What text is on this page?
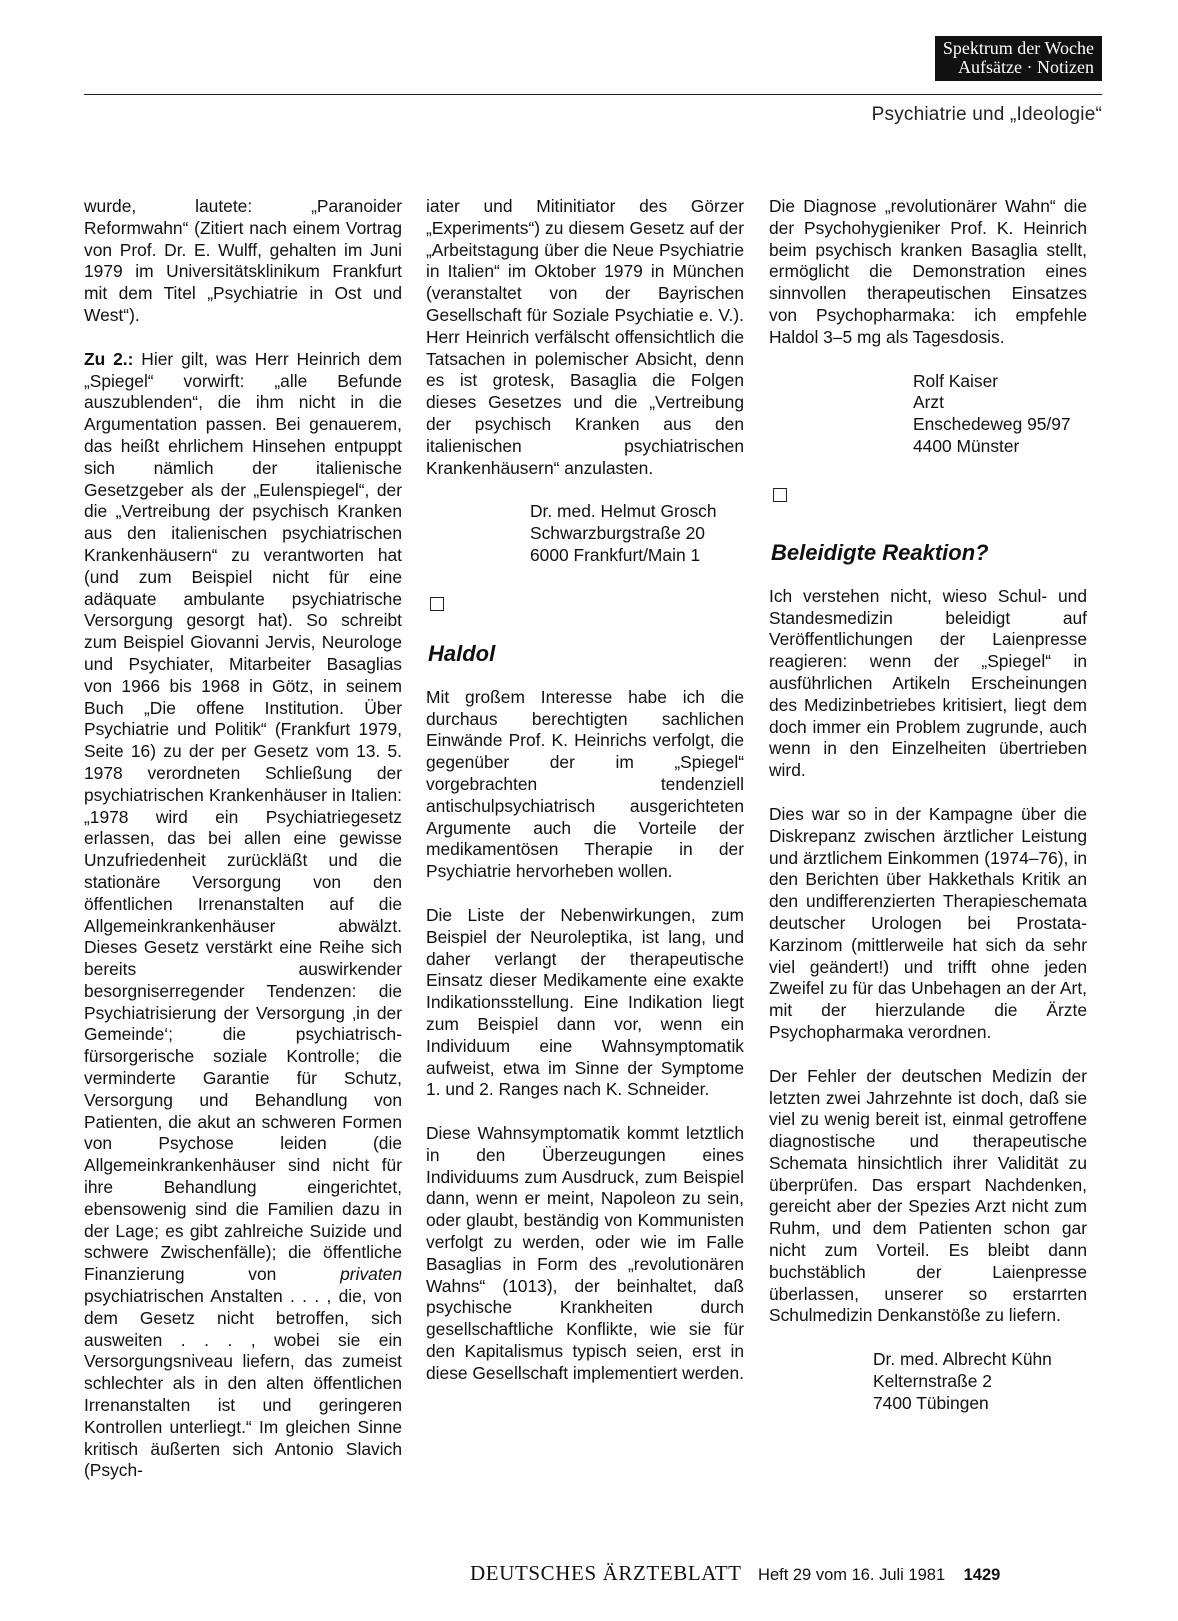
Spektrum der Woche
Aufsätze · Notizen
Psychiatrie und „Ideologie“

wurde, lautete: „Paranoider Reformwahn“ (Zitiert nach einem Vortrag von Prof. Dr. E. Wulff, gehalten im Juni 1979 im Universitätsklinikum Frankfurt mit dem Titel „Psychiatrie in Ost und West“).

Zu 2.: Hier gilt, was Herr Heinrich dem „Spiegel“ vorwirft: „alle Befunde auszublenden“, die ihm nicht in die Argumentation passen. Bei genauerem, das heißt ehrlichem Hinsehen entpuppt sich nämlich der italienische Gesetzgeber als der „Eulenspiegel“, der die „Vertreibung der psychisch Kranken aus den italienischen psychiatrischen Krankenhäusern“ zu verantworten hat (und zum Beispiel nicht für eine adäquate ambulante psychiatrische Versorgung gesorgt hat). So schreibt zum Beispiel Giovanni Jervis, Neurologe und Psychiater, Mitarbeiter Basaglias von 1966 bis 1968 in Götz, in seinem Buch „Die offene Institution. Über Psychiatrie und Politik“ (Frankfurt 1979, Seite 16) zu der per Gesetz vom 13. 5. 1978 verordneten Schließung der psychiatrischen Krankenhäuser in Italien: „1978 wird ein Psychiatriegesetz erlassen, das bei allen eine gewisse Unzufriedenheit zurückläßt und die stationäre Versorgung von den öffentlichen Irrenanstalten auf die Allgemeinkrankenhäuser abwälzt. Dieses Gesetz verstärkt eine Reihe sich bereits auswirkender besorgniserregender Tendenzen: die Psychiatrisierung der Versorgung ‚in der Gemeinde‘; die psychiatrisch-fürsorgerische soziale Kontrolle; die verminderte Garantie für Schutz, Versorgung und Behandlung von Patienten, die akut an schweren Formen von Psychose leiden (die Allgemeinkrankenhäuser sind nicht für ihre Behandlung eingerichtet, ebensowenig sind die Familien dazu in der Lage; es gibt zahlreiche Suizide und schwere Zwischenfälle); die öffentliche Finanzierung von privaten psychiatrischen Anstalten . . . , die, von dem Gesetz nicht betroffen, sich ausweiten . . . , wobei sie ein Versorgungsniveau liefern, das zumeist schlechter als in den alten öffentlichen Irrenanstalten ist und geringeren Kontrollen unterliegt.“ Im gleichen Sinne kritisch äußerten sich Antonio Slavich (Psych-

iater und Mitinitiator des Görzer „Experiments“) zu diesem Gesetz auf der „Arbeitstagung über die Neue Psychiatrie in Italien“ im Oktober 1979 in München (veranstaltet von der Bayrischen Gesellschaft für Soziale Psychiatie e. V.). Herr Heinrich verfälscht offensichtlich die Tatsachen in polemischer Absicht, denn es ist grotesk, Basaglia die Folgen dieses Gesetzes und die „Vertreibung der psychisch Kranken aus den italienischen psychiatrischen Krankenhäusern“ anzulasten.

Dr. med. Helmut Grosch
Schwarzburgstraße 20
6000 Frankfurt/Main 1
Haldol

Mit großem Interesse habe ich die durchaus berechtigten sachlichen Einwände Prof. K. Heinrichs verfolgt, die gegenüber der im „Spiegel“ vorgebrachten tendenziell antischulpsychiatrisch ausgerichteten Argumente auch die Vorteile der medikamentösen Therapie in der Psychiatrie hervorheben wollen.

Die Liste der Nebenwirkungen, zum Beispiel der Neuroleptika, ist lang, und daher verlangt der therapeutische Einsatz dieser Medikamente eine exakte Indikationsstellung. Eine Indikation liegt zum Beispiel dann vor, wenn ein Individuum eine Wahnsymptomatik aufweist, etwa im Sinne der Symptome 1. und 2. Ranges nach K. Schneider.

Diese Wahnsymptomatik kommt letztlich in den Überzeugungen eines Individuums zum Ausdruck, zum Beispiel dann, wenn er meint, Napoleon zu sein, oder glaubt, beständig von Kommunisten verfolgt zu werden, oder wie im Falle Basaglias in Form des „revolutionären Wahns“ (1013), der beinhaltet, daß psychische Krankheiten durch gesellschaftliche Konflikte, wie sie für den Kapitalismus typisch seien, erst in diese Gesellschaft implementiert werden.

Die Diagnose „revolutionärer Wahn“ die der Psychohygieniker Prof. K. Heinrich beim psychisch kranken Basaglia stellt, ermöglicht die Demonstration eines sinnvollen therapeutischen Einsatzes von Psychopharmaka: ich empfehle Haldol 3–5 mg als Tagesdosis.

Rolf Kaiser
Arzt
Enschedeweg 95/97
4400 Münster
Beleidigte Reaktion?

Ich verstehen nicht, wieso Schul- und Standesmedizin beleidigt auf Veröffentlichungen der Laienpresse reagieren: wenn der „Spiegel“ in ausführlichen Artikeln Erscheinungen des Medizinbetriebes kritisiert, liegt dem doch immer ein Problem zugrunde, auch wenn in den Einzelheiten übertrieben wird.

Dies war so in der Kampagne über die Diskrepanz zwischen ärztlicher Leistung und ärztlichem Einkommen (1974–76), in den Berichten über Hakkethals Kritik an den undifferenzierten Therapieschemata deutscher Urologen bei Prostata-Karzinom (mittlerweile hat sich da sehr viel geändert!) und trifft ohne jeden Zweifel zu für das Unbehagen an der Art, mit der hierzulande die Ärzte Psychopharmaka verordnen.

Der Fehler der deutschen Medizin der letzten zwei Jahrzehnte ist doch, daß sie viel zu wenig bereit ist, einmal getroffene diagnostische und therapeutische Schemata hinsichtlich ihrer Validität zu überprüfen. Das erspart Nachdenken, gereicht aber der Spezies Arzt nicht zum Ruhm, und dem Patienten schon gar nicht zum Vorteil. Es bleibt dann buchstäblich der Laienpresse überlassen, unserer so erstarrten Schulmedizin Denkanstöße zu liefern.

Dr. med. Albrecht Kühn
Kelternstraße 2
7400 Tübingen
DEUTSCHES ÄRZTEBLATT Heft 29 vom 16. Juli 1981 1429
